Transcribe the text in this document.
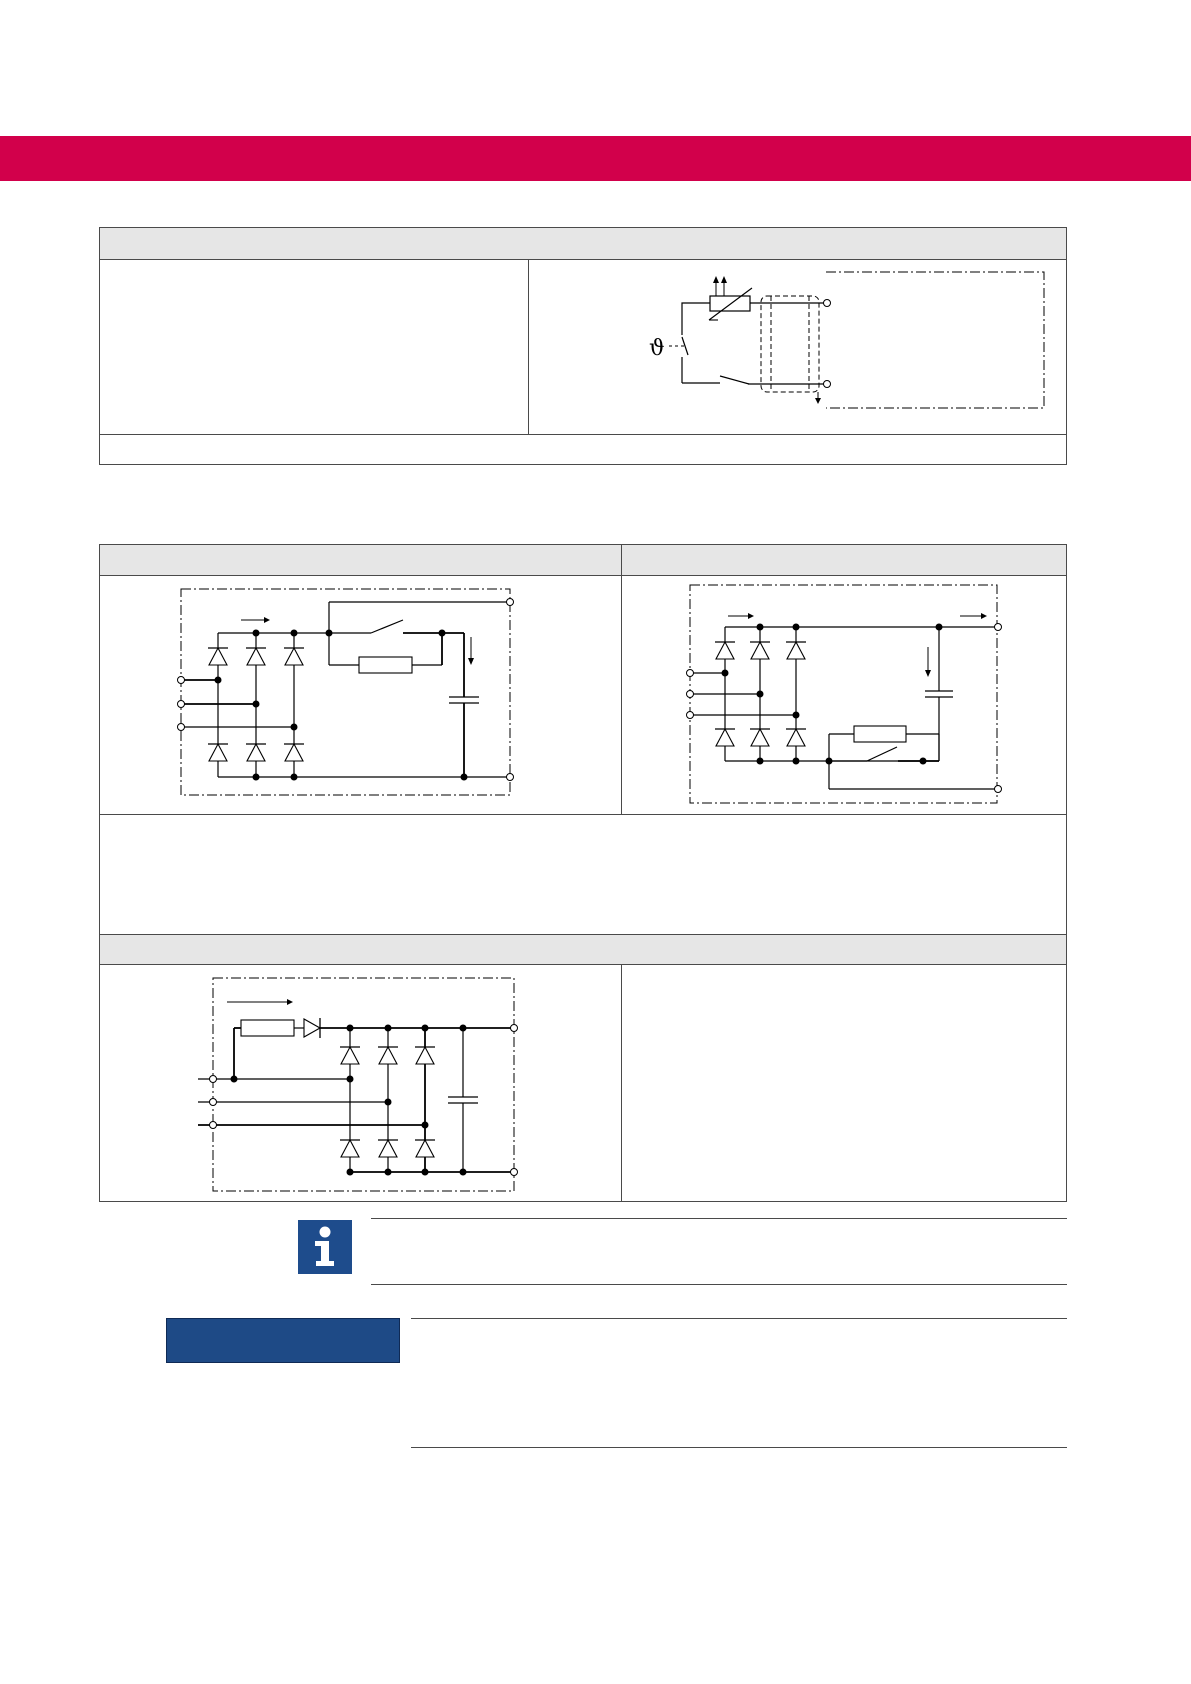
ϑ
